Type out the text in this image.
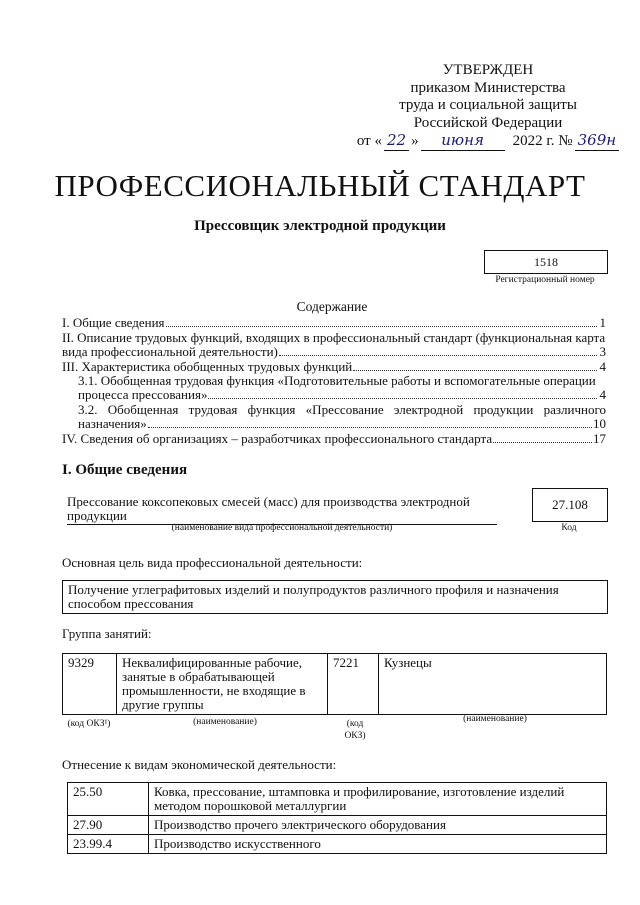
УТВЕРЖДЕН
приказом Министерства
труда и социальной защиты
Российской Федерации
от « 22 »	июня	2022 г. № 369н
ПРОФЕССИОНАЛЬНЫЙ СТАНДАРТ
Прессовщик электродной продукции
1518
Регистрационный номер
Содержание
I. Общие сведения	1
II. Описание трудовых функций, входящих в профессиональный стандарт (функциональная карта
вида профессиональной деятельности)	3
III. Характеристика обобщенных трудовых функций	4
3.1. Обобщенная трудовая функция «Подготовительные работы и вспомогательные операции
процесса прессования»	4
3.2. Обобщенная трудовая функция «Прессование электродной продукции различного
назначения»	10
IV. Сведения об организациях – разработчиках профессионального стандарта	17
I. Общие сведения
Прессование коксопековых смесей (масс) для производства электродной продукции
(наименование вида профессиональной деятельности)
27.108
Код
Основная цель вида профессиональной деятельности:
Получение углеграфитовых изделий и полупродуктов различного профиля и назначения способом прессования
Группа занятий:
9329	Неквалифицированные рабочие, занятые в обрабатывающей промышленности, не входящие в другие группы	7221	Кузнецы
(код ОКЗ¹)	(наименование)	(код ОКЗ)
(наименование)
Отнесение к видам экономической деятельности:
25.50	Ковка, прессование, штамповка и профилирование, изготовление изделий методом порошковой металлургии
27.90	Производство прочего электрического оборудования
23.99.4	Производство искусственного
